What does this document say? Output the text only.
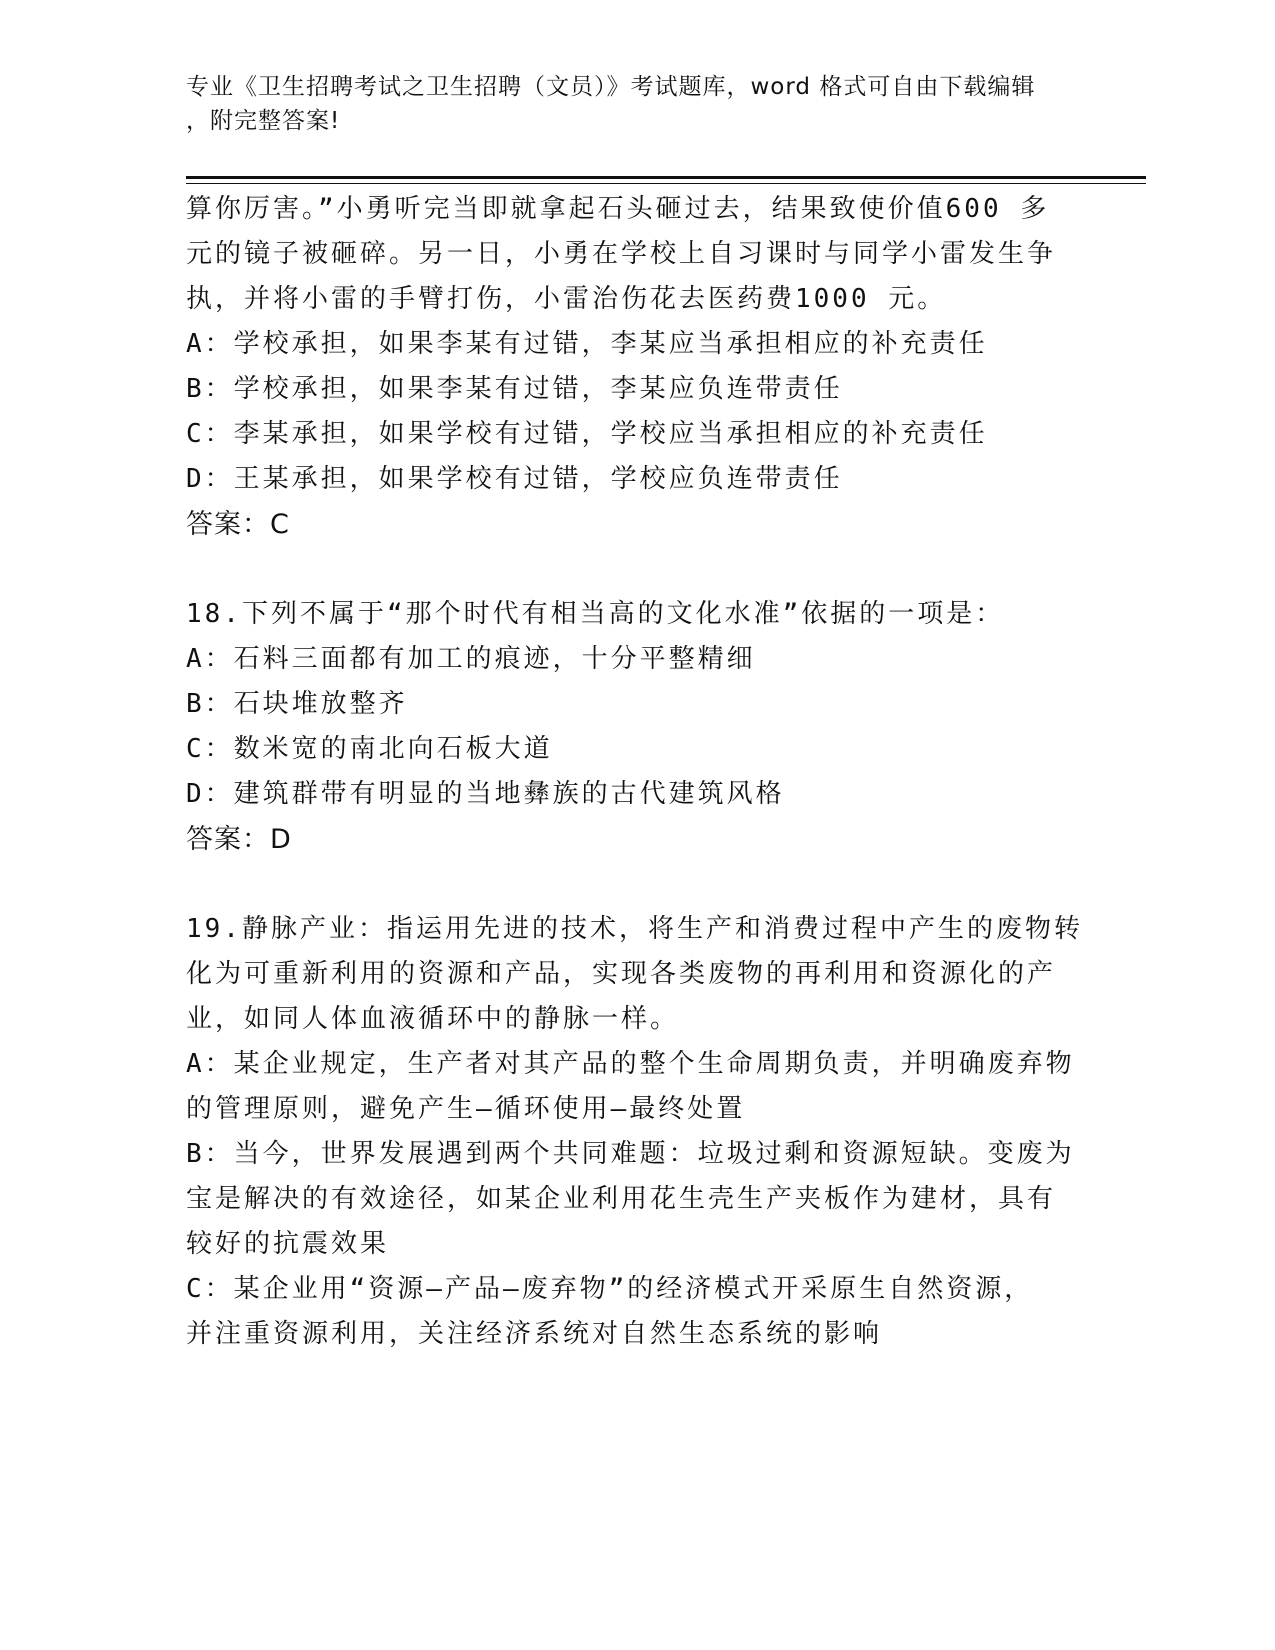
专业《卫生招聘考试之卫生招聘（文员）》考试题库，word 格式可自由下载编辑
，附完整答案!
算你厉害。”小勇听完当即就拿起石头砸过去，结果致使价值600 多
元的镜子被砸碎。另一日，小勇在学校上自习课时与同学小雷发生争
执，并将小雷的手臂打伤，小雷治伤花去医药费1000 元。
A：学校承担，如果李某有过错，李某应当承担相应的补充责任
B：学校承担，如果李某有过错，李某应负连带责任
C：李某承担，如果学校有过错，学校应当承担相应的补充责任
D：王某承担，如果学校有过错，学校应负连带责任
答案：C
18.下列不属于“那个时代有相当高的文化水准”依据的一项是：
A：石料三面都有加工的痕迹，十分平整精细
B：石块堆放整齐
C：数米宽的南北向石板大道
D：建筑群带有明显的当地彝族的古代建筑风格
答案：D
19.静脉产业：指运用先进的技术，将生产和消费过程中产生的废物转
化为可重新利用的资源和产品，实现各类废物的再利用和资源化的产
业，如同人体血液循环中的静脉一样。
A：某企业规定，生产者对其产品的整个生命周期负责，并明确废弃物
的管理原则，避免产生—循环使用—最终处置
B：当今，世界发展遇到两个共同难题：垃圾过剩和资源短缺。变废为
宝是解决的有效途径，如某企业利用花生壳生产夹板作为建材，具有
较好的抗震效果
C：某企业用“资源—产品—废弃物”的经济模式开采原生自然资源，
并注重资源利用，关注经济系统对自然生态系统的影响
